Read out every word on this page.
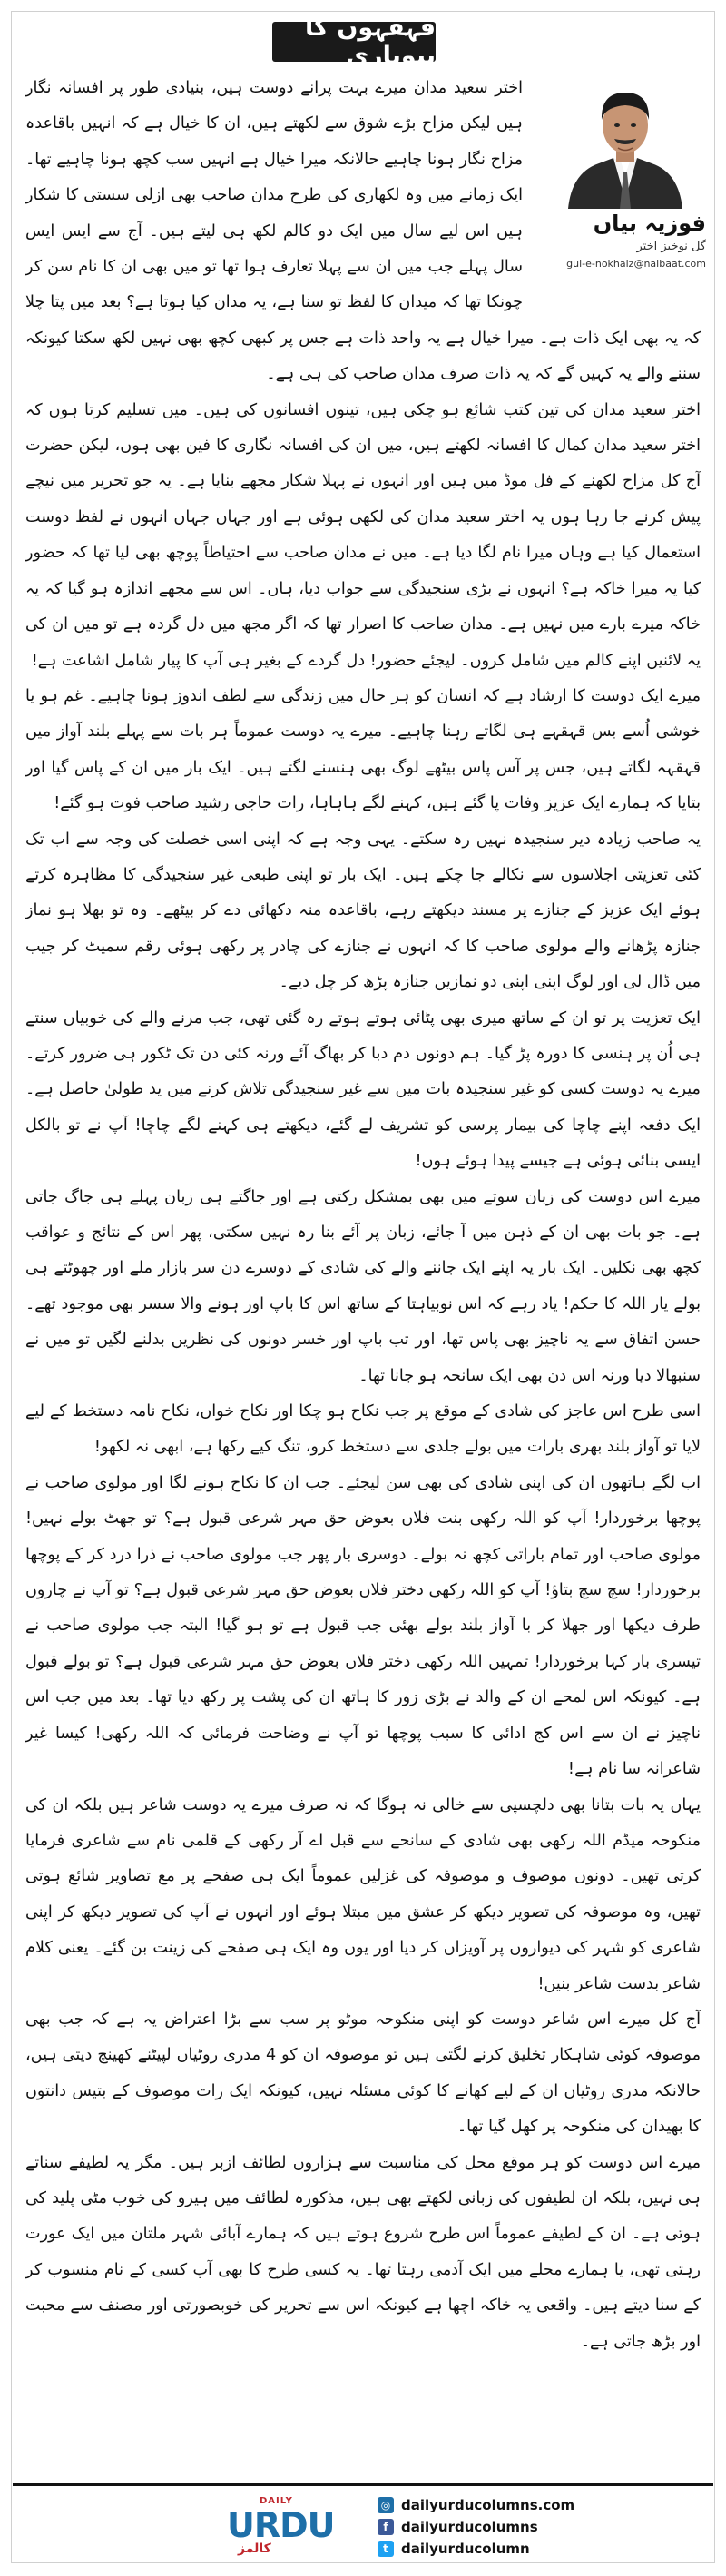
قہقہوں کا بیوپاری
فوزیہ بیاں
گل نوخیز اختر
gul-e-nokhaiz@naibaat.com

اختر سعید مدان میرے بہت پرانے دوست ہیں، بنیادی طور پر افسانہ نگار ہیں لیکن مزاح بڑے شوق سے لکھتے ہیں، ان کا خیال ہے کہ انہیں باقاعدہ مزاح نگار ہونا چاہیے حالانکہ میرا خیال ہے انہیں سب کچھ ہونا چاہیے تھا۔ ایک زمانے میں وہ لکھاری کی طرح مدان صاحب بھی ازلی سستی کا شکار ہیں اس لیے سال میں ایک دو کالم لکھ ہی لیتے ہیں۔ آج سے ایس ایس سال پہلے جب میں ان سے پہلا تعارف ہوا تھا تو میں بھی ان کا نام سن کر چونکا تھا کہ میدان کا لفظ تو سنا ہے، یہ مدان کیا ہوتا ہے؟ بعد میں پتا چلا کہ یہ بھی ایک ذات ہے۔ میرا خیال ہے یہ واحد ذات ہے جس پر کبھی کچھ بھی نہیں لکھ سکتا کیونکہ سننے والے یہ کہیں گے کہ یہ ذات صرف مدان صاحب کی ہی ہے۔

اختر سعید مدان کی تین کتب شائع ہو چکی ہیں، تینوں افسانوں کی ہیں۔ میں تسلیم کرتا ہوں کہ اختر سعید مدان کمال کا افسانہ لکھتے ہیں، میں ان کی افسانہ نگاری کا فین بھی ہوں، لیکن حضرت آج کل مزاح لکھنے کے فل موڈ میں ہیں اور انہوں نے پہلا شکار مجھے بنایا ہے۔ یہ جو تحریر میں نیچے پیش کرنے جا رہا ہوں یہ اختر سعید مدان کی لکھی ہوئی ہے اور جہاں جہاں انہوں نے لفظ دوست استعمال کیا ہے وہاں میرا نام لگا دیا ہے۔ میں نے مدان صاحب سے احتیاطاً پوچھ بھی لیا تھا کہ حضور کیا یہ میرا خاکہ ہے؟ انہوں نے بڑی سنجیدگی سے جواب دیا، ہاں۔ اس سے مجھے اندازہ ہو گیا کہ یہ خاکہ میرے بارے میں نہیں ہے۔ مدان صاحب کا اصرار تھا کہ اگر مجھ میں دل گردہ ہے تو میں ان کی یہ لائنیں اپنے کالم میں شامل کروں۔ لیجئے حضور! دل گردے کے بغیر ہی آپ کا پیار شامل اشاعت ہے!

میرے ایک دوست کا ارشاد ہے کہ انسان کو ہر حال میں زندگی سے لطف اندوز ہونا چاہیے۔ غم ہو یا خوشی اُسے بس قہقہے ہی لگاتے رہنا چاہیے۔ میرے یہ دوست عموماً ہر بات سے پہلے بلند آواز میں قہقہہ لگاتے ہیں، جس پر آس پاس بیٹھے لوگ بھی ہنسنے لگتے ہیں۔ ایک بار میں ان کے پاس گیا اور بتایا کہ ہمارے ایک عزیز وفات پا گئے ہیں، کہنے لگے ہاہاہا، رات حاجی رشید صاحب فوت ہو گئے!

یہ صاحب زیادہ دیر سنجیدہ نہیں رہ سکتے۔ یہی وجہ ہے کہ اپنی اسی خصلت کی وجہ سے اب تک کئی تعزیتی اجلاسوں سے نکالے جا چکے ہیں۔ ایک بار تو اپنی طبعی غیر سنجیدگی کا مظاہرہ کرتے ہوئے ایک عزیز کے جنازے پر مسند دیکھتے رہے، باقاعدہ منہ دکھائی دے کر بیٹھے۔ وہ تو بھلا ہو نماز جنازہ پڑھانے والے مولوی صاحب کا کہ انہوں نے جنازے کی چادر پر رکھی ہوئی رقم سمیٹ کر جیب میں ڈال لی اور لوگ اپنی اپنی دو نمازیں جنازہ پڑھ کر چل دیے۔

ایک تعزیت پر تو ان کے ساتھ میری بھی پٹائی ہوتے ہوتے رہ گئی تھی، جب مرنے والے کی خوبیاں سنتے ہی اُن پر ہنسی کا دورہ پڑ گیا۔ ہم دونوں دم دبا کر بھاگ آئے ورنہ کئی دن تک ٹکور ہی ضرور کرتے۔ میرے یہ دوست کسی کو غیر سنجیدہ بات میں سے غیر سنجیدگی تلاش کرنے میں ید طولیٰ حاصل ہے۔ ایک دفعہ اپنے چاچا کی بیمار پرسی کو تشریف لے گئے، دیکھتے ہی کہنے لگے چاچا! آپ نے تو بالکل ایسی بنائی ہوئی ہے جیسے پیدا ہوئے ہوں!

میرے اس دوست کی زبان سوتے میں بھی بمشکل رکتی ہے اور جاگتے ہی زبان پہلے ہی جاگ جاتی ہے۔ جو بات بھی ان کے ذہن میں آ جائے، زبان پر آئے بنا رہ نہیں سکتی، پھر اس کے نتائج و عواقب کچھ بھی نکلیں۔ ایک بار یہ اپنے ایک جاننے والے کی شادی کے دوسرے دن سر بازار ملے اور چھوٹتے ہی بولے یار اللہ کا حکم! یاد رہے کہ اس نوبیاہتا کے ساتھ اس کا باپ اور ہونے والا سسر بھی موجود تھے۔ حسن اتفاق سے یہ ناچیز بھی پاس تھا، اور تب باپ اور خسر دونوں کی نظریں بدلنے لگیں تو میں نے سنبھالا دیا ورنہ اس دن بھی ایک سانحہ ہو جانا تھا۔

اسی طرح اس عاجز کی شادی کے موقع پر جب نکاح ہو چکا اور نکاح خواں، نکاح نامہ دستخط کے لیے لایا تو آواز بلند بھری بارات میں بولے جلدی سے دستخط کرو، تنگ کیے رکھا ہے، ابھی نہ لکھو!

اب لگے ہاتھوں ان کی اپنی شادی کی بھی سن لیجئے۔ جب ان کا نکاح ہونے لگا اور مولوی صاحب نے پوچھا برخوردار! آپ کو اللہ رکھی بنت فلاں بعوض حق مہر شرعی قبول ہے؟ تو جھٹ بولے نہیں! مولوی صاحب اور تمام باراتی کچھ نہ بولے۔ دوسری بار پھر جب مولوی صاحب نے ذرا درد کر کے پوچھا برخوردار! سچ سچ بتاؤ! آپ کو اللہ رکھی دختر فلاں بعوض حق مہر شرعی قبول ہے؟ تو آپ نے چاروں طرف دیکھا اور جھلا کر با آواز بلند بولے بھئی جب قبول ہے تو ہو گیا! البتہ جب مولوی صاحب نے تیسری بار کہا برخوردار! تمہیں اللہ رکھی دختر فلاں بعوض حق مہر شرعی قبول ہے؟ تو بولے قبول ہے۔ کیونکہ اس لمحے ان کے والد نے بڑی زور کا ہاتھ ان کی پشت پر رکھ دیا تھا۔ بعد میں جب اس ناچیز نے ان سے اس کج ادائی کا سبب پوچھا تو آپ نے وضاحت فرمائی کہ اللہ رکھی! کیسا غیر شاعرانہ سا نام ہے!

یہاں یہ بات بتانا بھی دلچسپی سے خالی نہ ہوگا کہ نہ صرف میرے یہ دوست شاعر ہیں بلکہ ان کی منکوحہ میڈم اللہ رکھی بھی شادی کے سانحے سے قبل اے آر رکھی کے قلمی نام سے شاعری فرمایا کرتی تھیں۔ دونوں موصوف و موصوفہ کی غزلیں عموماً ایک ہی صفحے پر مع تصاویر شائع ہوتی تھیں، وہ موصوفہ کی تصویر دیکھ کر عشق میں مبتلا ہوئے اور انہوں نے آپ کی تصویر دیکھ کر اپنی شاعری کو شہر کی دیواروں پر آویزاں کر دیا اور یوں وہ ایک ہی صفحے کی زینت بن گئے۔ یعنی کلام شاعر بدست شاعر بنیں!

آج کل میرے اس شاعر دوست کو اپنی منکوحہ موٹو پر سب سے بڑا اعتراض یہ ہے کہ جب بھی موصوفہ کوئی شاہکار تخلیق کرنے لگتی ہیں تو موصوفہ ان کو 4 مدری روٹیاں لپیٹنے کھینچ دیتی ہیں، حالانکہ مدری روٹیاں ان کے لیے کھانے کا کوئی مسئلہ نہیں، کیونکہ ایک رات موصوف کے بتیس دانتوں کا بھیدان کی منکوحہ پر کھل گیا تھا۔

میرے اس دوست کو ہر موقع محل کی مناسبت سے ہزاروں لطائف ازبر ہیں۔ مگر یہ لطیفے سناتے ہی نہیں، بلکہ ان لطیفوں کی زبانی لکھتے بھی ہیں، مذکورہ لطائف میں ہیرو کی خوب مٹی پلید کی ہوتی ہے۔ ان کے لطیفے عموماً اس طرح شروع ہوتے ہیں کہ ہمارے آبائی شہر ملتان میں ایک عورت رہتی تھی، یا ہمارے محلے میں ایک آدمی رہتا تھا۔ یہ کسی طرح کا بھی آپ کسی کے نام منسوب کر کے سنا دیتے ہیں۔ واقعی یہ خاکہ اچھا ہے کیونکہ اس سے تحریر کی خوبصورتی اور مصنف سے محبت اور بڑھ جاتی ہے۔

DAILY
URDU
کالمز
◎ dailyurducolumns.com
f dailyurducolumns
t dailyurducolumn
